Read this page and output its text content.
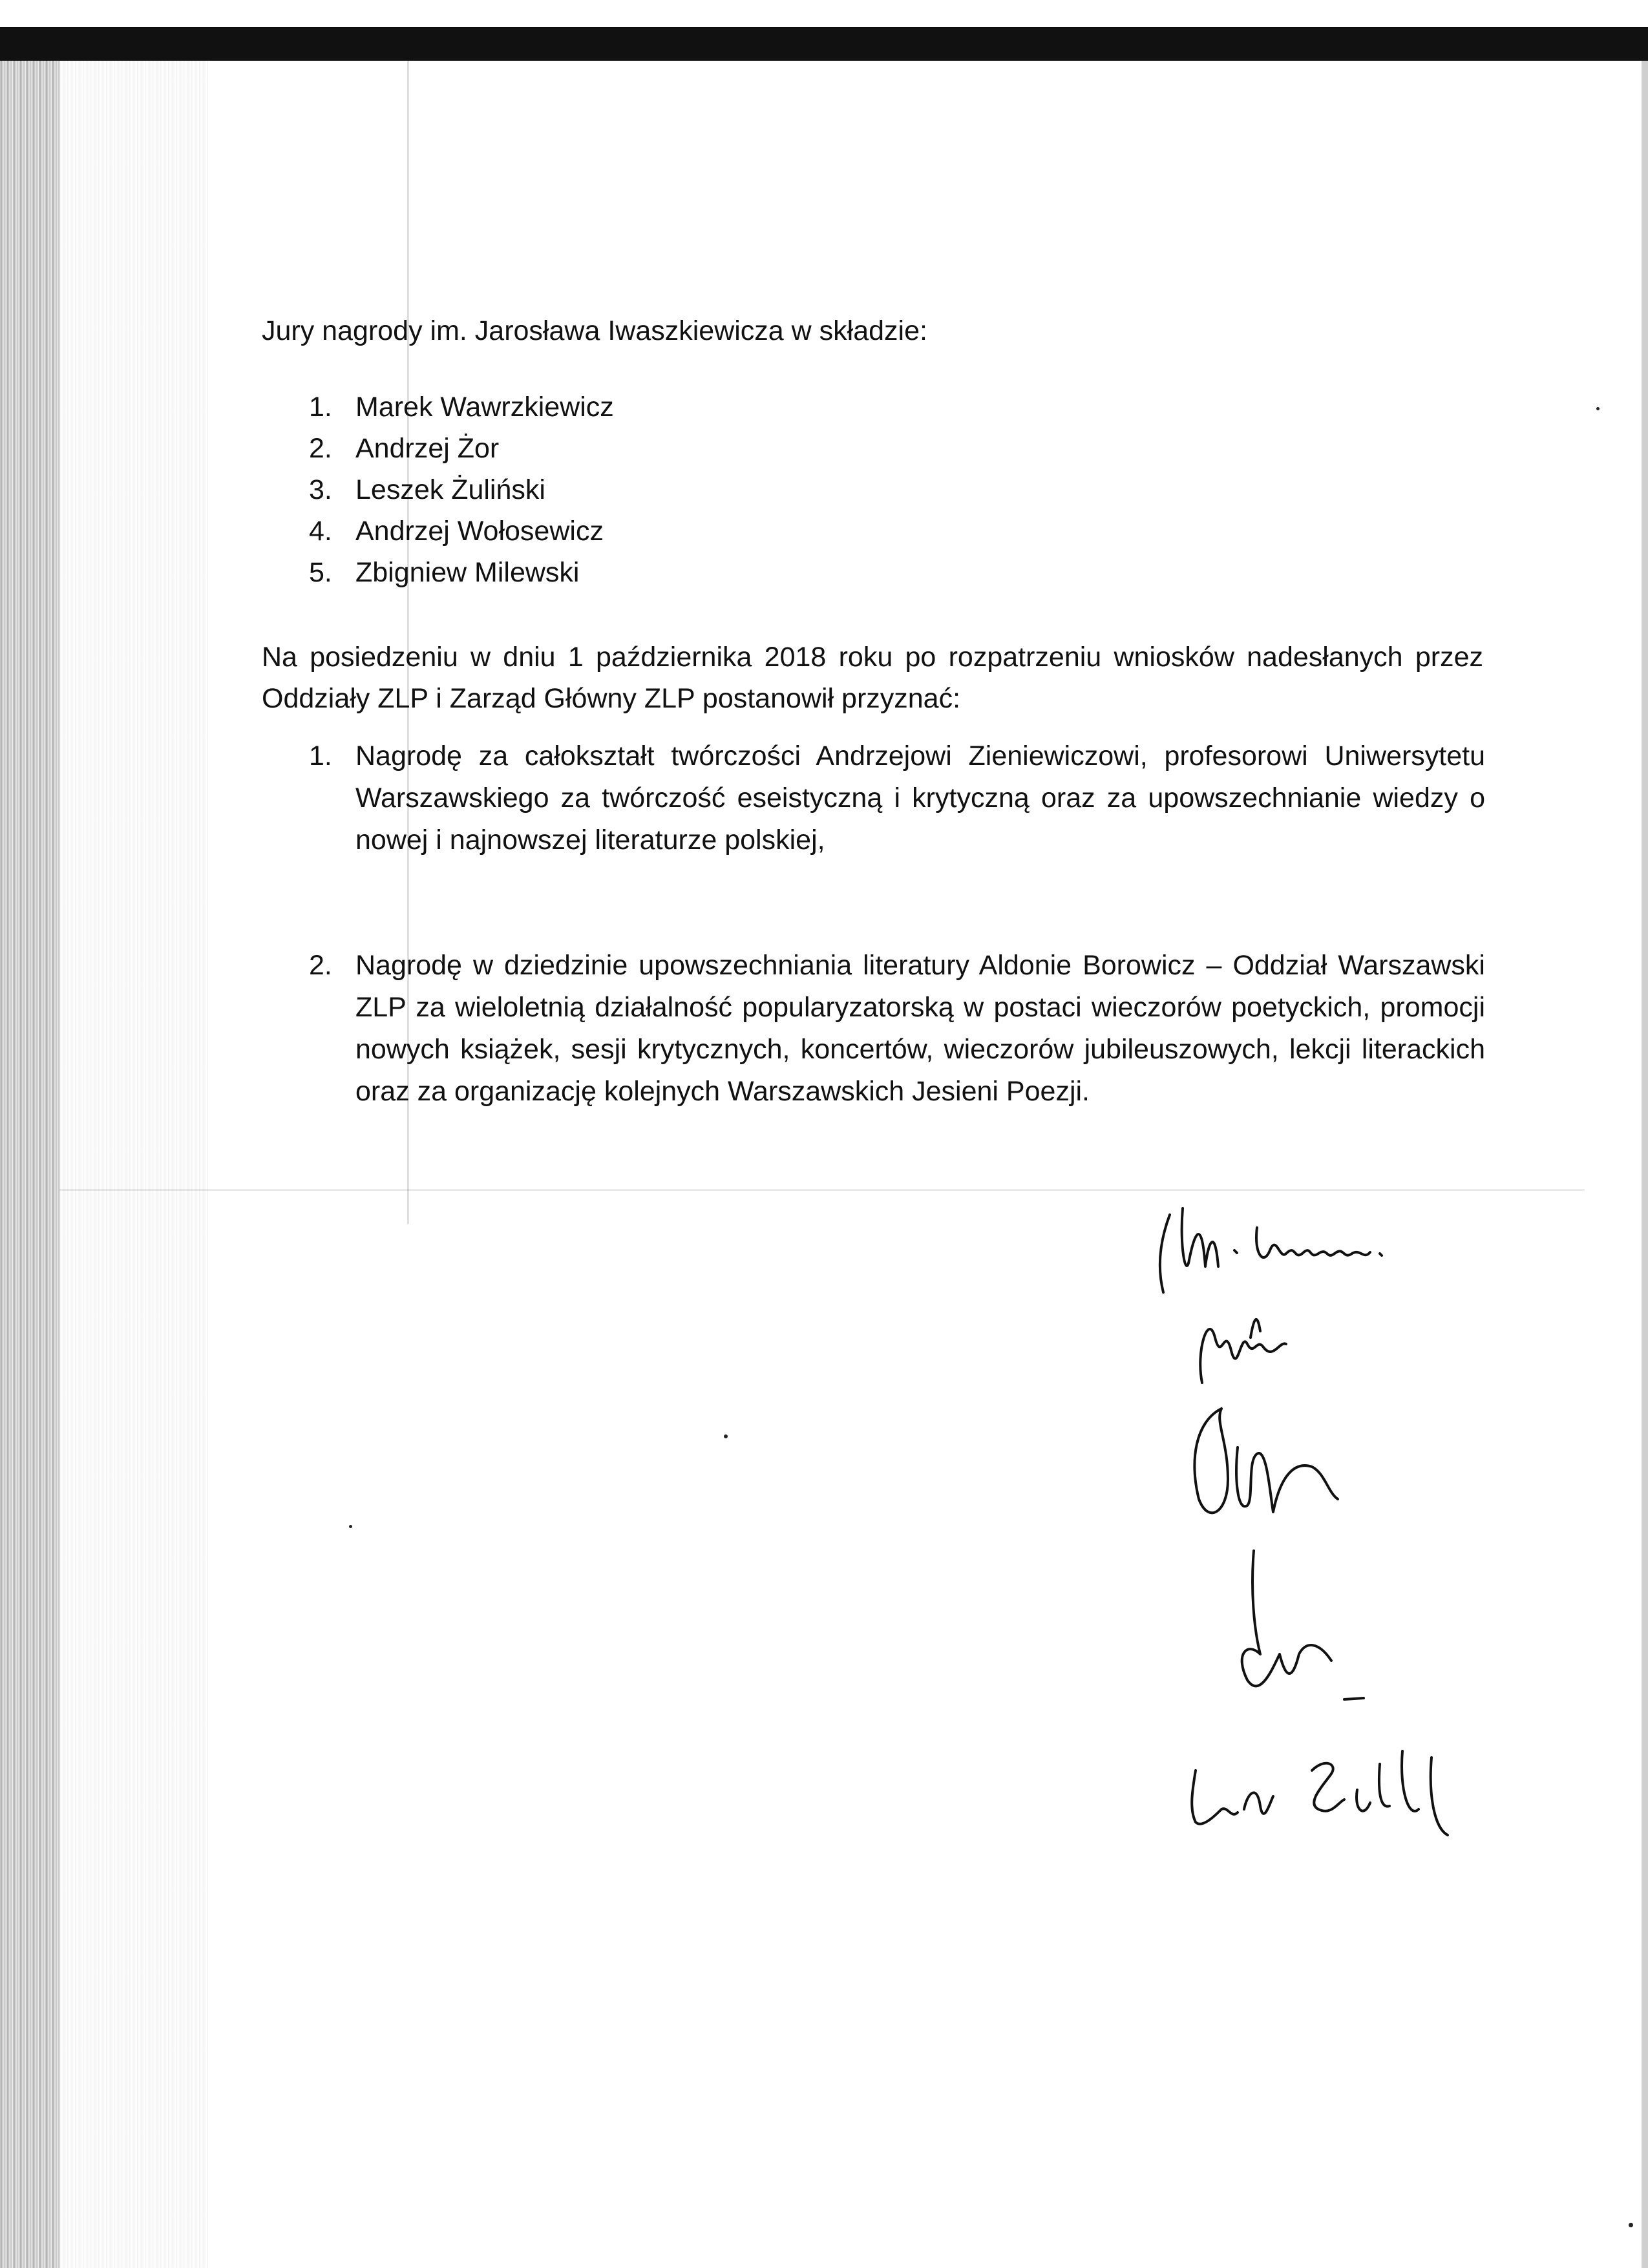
Jury nagrody im. Jarosława Iwaszkiewicza w składzie:
1. Marek Wawrzkiewicz
2. Andrzej Żor
3. Leszek Żuliński
4. Andrzej Wołosewicz
5. Zbigniew Milewski
Na posiedzeniu w dniu 1 października 2018 roku po rozpatrzeniu wniosków nadesłanych przez Oddziały ZLP i Zarząd Główny ZLP postanowił przyznać:
1. Nagrodę za całokształt twórczości Andrzejowi Zieniewiczowi, profesorowi Uniwersytetu Warszawskiego za twórczość eseistyczną i krytyczną oraz za upowszechnianie wiedzy o nowej i najnowszej literaturze polskiej,
2. Nagrodę w dziedzinie upowszechniania literatury Aldonie Borowicz – Oddział Warszawski ZLP za wieloletnią działalność popularyzatorską w postaci wieczorów poetyckich, promocji nowych książek, sesji krytycznych, koncertów, wieczorów jubileuszowych, lekcji literackich oraz za organizację kolejnych Warszawskich Jesieni Poezji.
